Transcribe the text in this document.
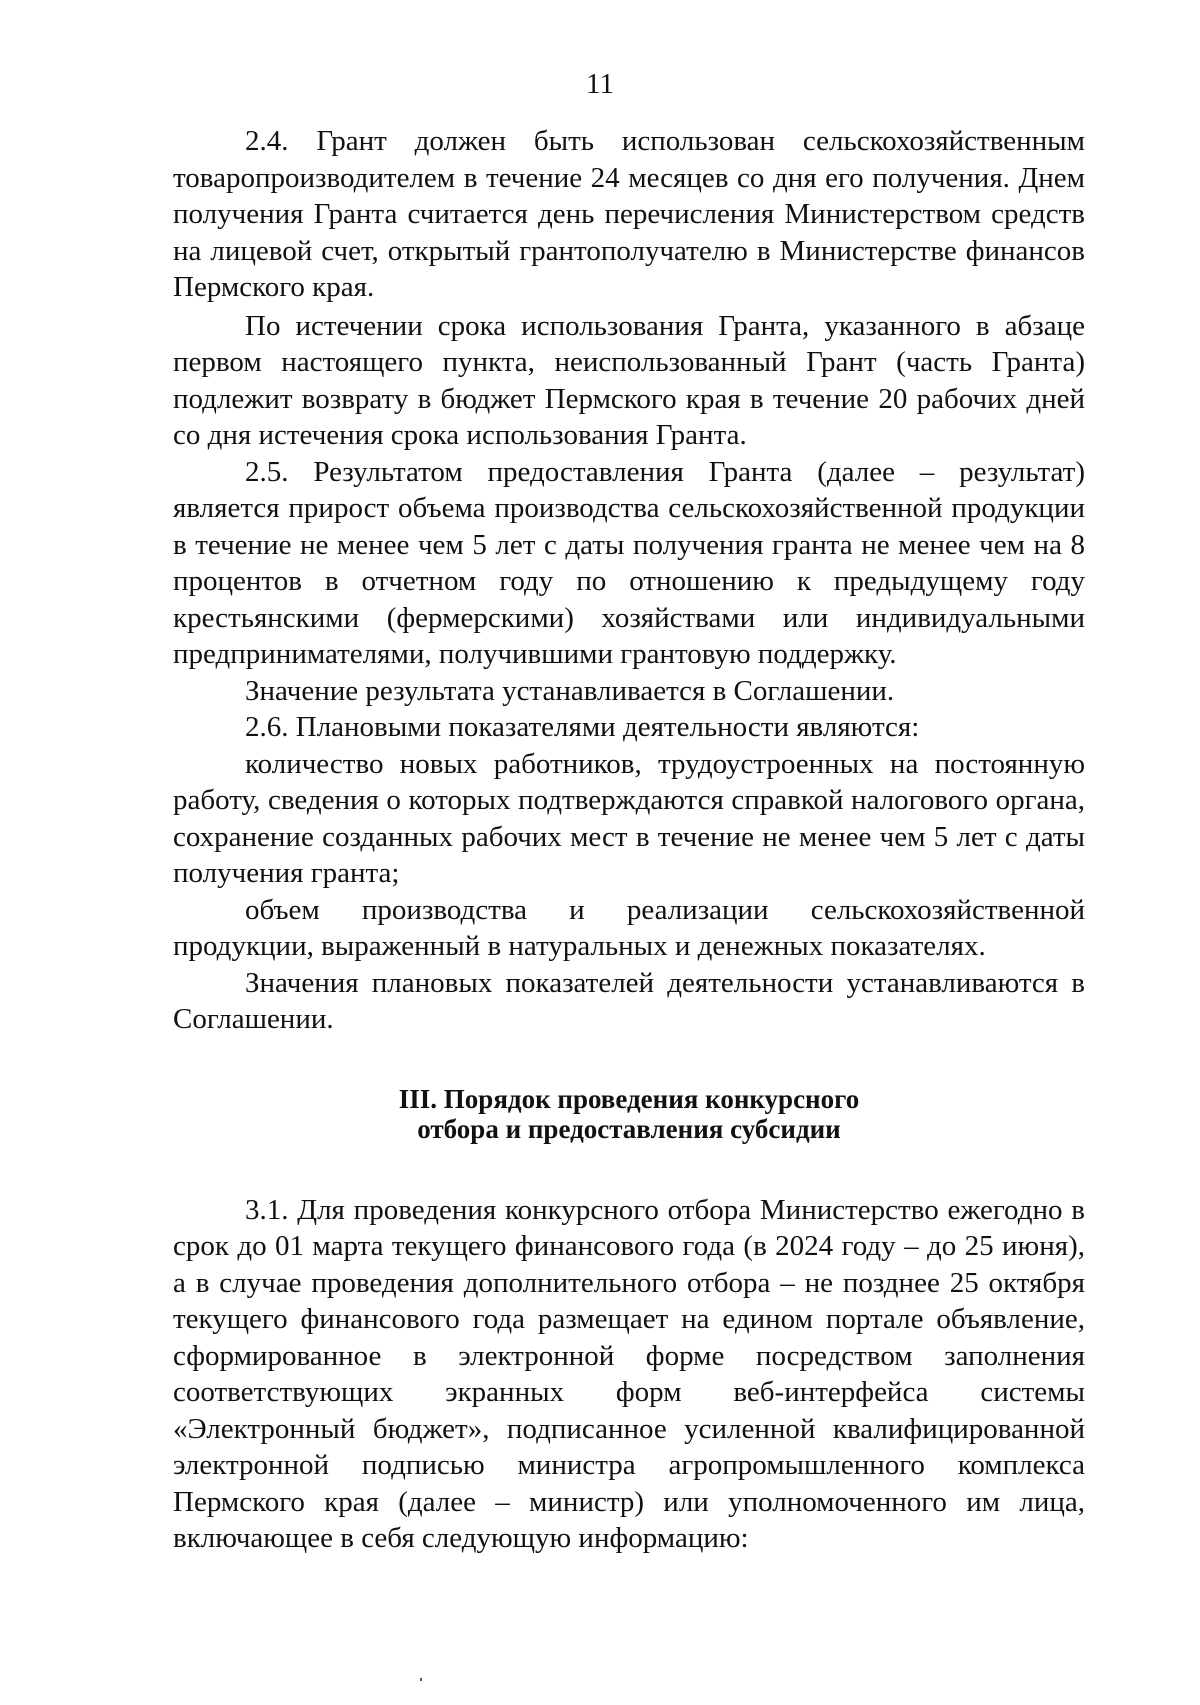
11

2.4. Грант должен быть использован сельскохозяйственным товаропроизводителем в течение 24 месяцев со дня его получения. Днем получения Гранта считается день перечисления Министерством средств на лицевой счет, открытый грантополучателю в Министерстве финансов Пермского края.

По истечении срока использования Гранта, указанного в абзаце первом настоящего пункта, неиспользованный Грант (часть Гранта) подлежит возврату в бюджет Пермского края в течение 20 рабочих дней со дня истечения срока использования Гранта.

2.5. Результатом предоставления Гранта (далее – результат) является прирост объема производства сельскохозяйственной продукции в течение не менее чем 5 лет с даты получения гранта не менее чем на 8 процентов в отчетном году по отношению к предыдущему году крестьянскими (фермерскими) хозяйствами или индивидуальными предпринимателями, получившими грантовую поддержку.

Значение результата устанавливается в Соглашении.

2.6. Плановыми показателями деятельности являются:

количество новых работников, трудоустроенных на постоянную работу, сведения о которых подтверждаются справкой налогового органа, сохранение созданных рабочих мест в течение не менее чем 5 лет с даты получения гранта;

объем производства и реализации сельскохозяйственной продукции, выраженный в натуральных и денежных показателях.

Значения плановых показателей деятельности устанавливаются в Соглашении.

III. Порядок проведения конкурсного
отбора и предоставления субсидии

3.1. Для проведения конкурсного отбора Министерство ежегодно в срок до 01 марта текущего финансового года (в 2024 году – до 25 июня), а в случае проведения дополнительного отбора – не позднее 25 октября текущего финансового года размещает на едином портале объявление, сформированное в электронной форме посредством заполнения соответствующих экранных форм веб-интерфейса системы «Электронный бюджет», подписанное усиленной квалифицированной электронной подписью министра агропромышленного комплекса Пермского края (далее – министр) или уполномоченного им лица, включающее в себя следующую информацию:
